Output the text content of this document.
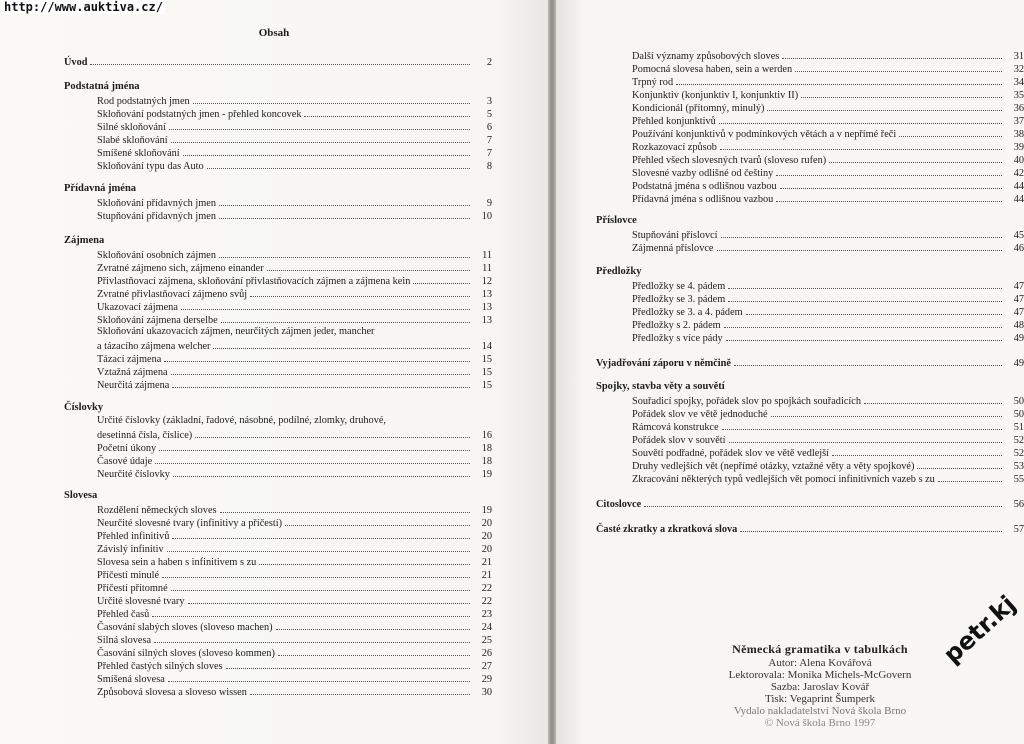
http://www.auktiva.cz/
Obsah
Úvod	2
Podstatná jména
Rod podstatných jmen	3
Skloňování podstatných jmen - přehled koncovek	5
Silné skloňování	6
Slabé skloňování	7
Smíšené skloňování	7
Skloňování typu das Auto	8
Přídavná jména
Skloňování přídavných jmen	9
Stupňování přídavných jmen	10
Zájmena
Skloňování osobních zájmen	11
Zvratné zájmeno sich, zájmeno einander	11
Přivlastňovací zájmena, skloňování přivlastňovacích zájmen a zájmena kein	12
Zvratné přivlastňovací zájmeno svůj	13
Ukazovací zájmena	13
Skloňování zájmena derselbe	13
Skloňování ukazovacích zájmen, neurčitých zájmen jeder, mancher
a tázacího zájmena welcher	14
Tázací zájmena	15
Vztažná zájmena	15
Neurčitá zájmena	15
Číslovky
Určité číslovky (základní, řadové, násobné, podílné, zlomky, druhové,
desetinná čísla, číslice)	16
Početní úkony	18
Časové údaje	18
Neurčité číslovky	19
Slovesa
Rozdělení německých sloves	19
Neurčité slovesné tvary (infinitivy a příčestí)	20
Přehled infinitivů	20
Závislý infinitiv	20
Slovesa sein a haben s infinitivem s zu	21
Příčestí minulé	21
Příčestí přítomné	22
Určité slovesné tvary	22
Přehled časů	23
Časování slabých sloves (sloveso machen)	24
Silná slovesa	25
Časování silných sloves (sloveso kommen)	26
Přehled častých silných sloves	27
Smíšená slovesa	29
Způsobová slovesa a sloveso wissen	30
Další významy způsobových sloves	31
Pomocná slovesa haben, sein a werden	32
Trpný rod	34
Konjunktiv (konjunktiv I, konjunktiv II)	35
Kondicionál (přítomný, minulý)	36
Přehled konjunktivů	37
Používání konjunktivů v podmínkových větách a v nepřímé řeči	38
Rozkazovací způsob	39
Přehled všech slovesných tvarů (sloveso rufen)	40
Slovesné vazby odlišné od češtiny	42
Podstatná jména s odlišnou vazbou	44
Přídavná jména s odlišnou vazbou	44
Příslovce
Stupňování příslovcí	45
Zájmenná příslovce	46
Předložky
Předložky se 4. pádem	47
Předložky se 3. pádem	47
Předložky se 3. a 4. pádem	47
Předložky s 2. pádem	48
Předložky s více pády	49
Vyjadřování záporu v němčině	49
Spojky, stavba věty a souvětí
Souřadicí spojky, pořádek slov po spojkách souřadicích	50
Pořádek slov ve větě jednoduché	50
Rámcová konstrukce	51
Pořádek slov v souvětí	52
Souvětí podřadné, pořádek slov ve větě vedlejší	52
Druhy vedlejších vět (nepřímé otázky, vztažné věty a věty spojkové)	53
Zkracování některých typů vedlejších vět pomocí infinitivních vazeb s zu	55
Citoslovce	56
Časté zkratky a zkratková slova	57
Německá gramatika v tabulkách
Autor: Alena Kovářová
Lektorovala: Monika Michels-McGovern
Sazba: Jaroslav Kovář
Tisk: Vegaprint Šumperk
Vydalo nakladatelství Nová škola Brno
© Nová škola Brno 1997
petr.kj
